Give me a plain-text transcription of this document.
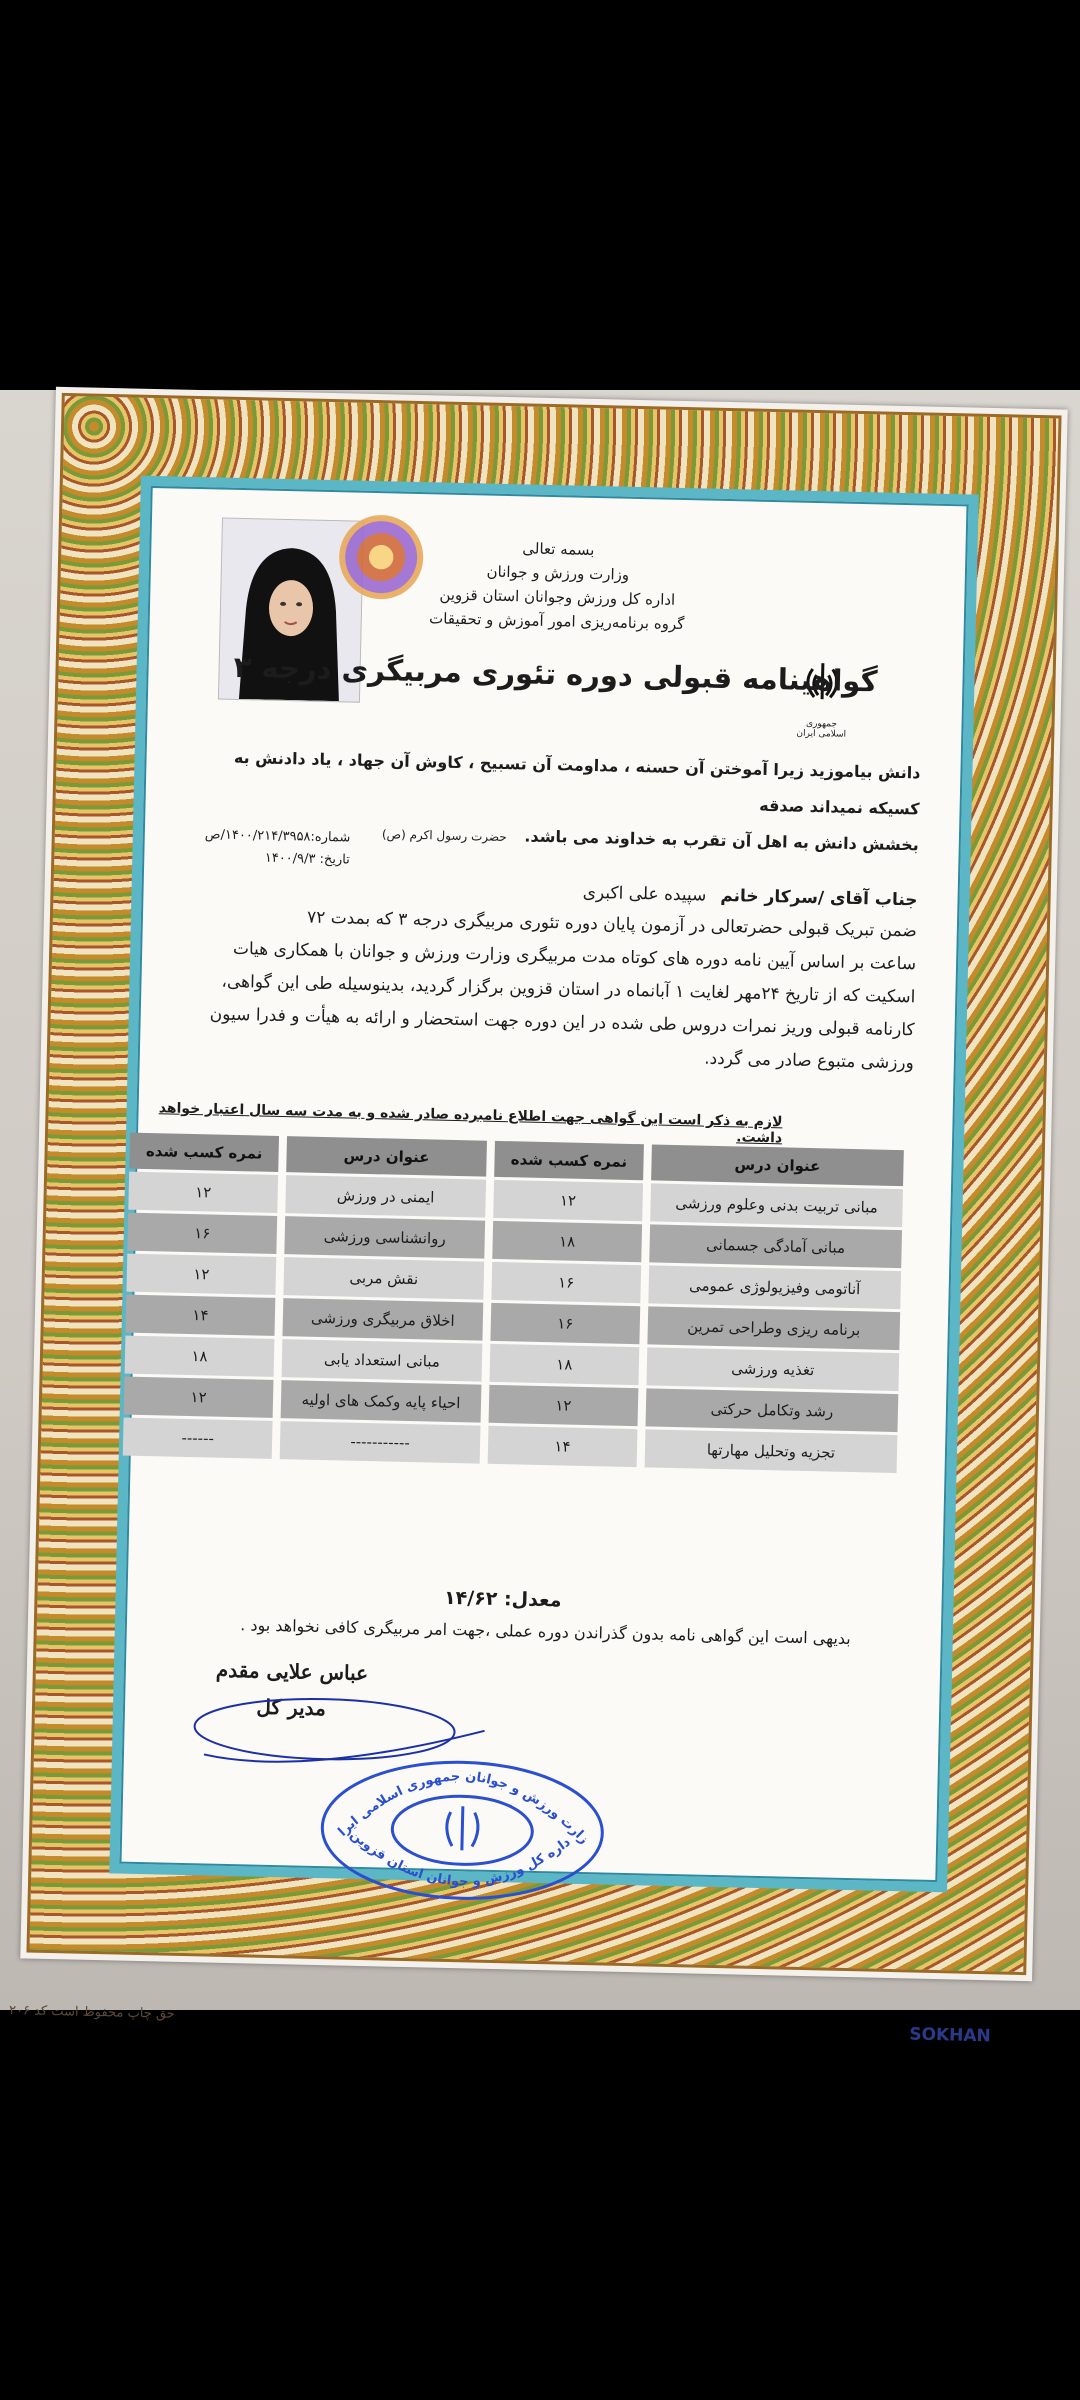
بسمه تعالی
وزارت ورزش و جوانان
اداره کل ورزش وجوانان استان قزوین
گروه برنامه‌ریزی امور آموزش و تحقیقات
جمهوری اسلامی ایران
گواهینامه قبولی دوره تئوری مربیگری درجه ۳
دانش بیاموزید زیرا آموختن آن حسنه ، مداومت آن تسبیح ، کاوش آن جهاد ، یاد دادنش به کسیکه نمیداند صدقه
بخشش دانش به اهل آن تقرب به خداوند می باشد. حضرت رسول اکرم (ص)
شماره:۱۴۰۰/۲۱۴/۳۹۵۸/ص
تاریخ: ۱۴۰۰/۹/۳
جناب آقای /سرکار خانم سپیده علی اکبری
ضمن تبریک قبولی حضرتعالی در آزمون پایان دوره تئوری مربیگری درجه ۳ که بمدت ۷۲
ساعت بر اساس آیین نامه دوره های کوتاه مدت مربیگری وزارت ورزش و جوانان با همکاری هیات
اسکیت که از تاریخ ۲۴مهر لغایت ۱ آبانماه در استان قزوین برگزار گردید، بدینوسیله طی این گواهی،
کارنامه قبولی وریز نمرات دروس طی شده در این دوره جهت استحضار و ارائه به هیأت و فدرا سیون
ورزشی متبوع صادر می گردد.
لازم به ذکر است این گواهی جهت اطلاع نامبرده صادر شده و به مدت سه سال اعتبار خواهد داشت.
عنوان درس	نمره کسب شده	عنوان درس	نمره کسب شده
مبانی تربیت بدنی وعلوم ورزشی	۱۲	ایمنی در ورزش	۱۲
مبانی آمادگی جسمانی	۱۸	روانشناسی ورزشی	۱۶
آناتومی وفیزیولوژی عمومی	۱۶	نقش مربی	۱۲
برنامه ریزی وطراحی تمرین	۱۶	اخلاق مربیگری ورزشی	۱۴
تغذیه ورزشی	۱۸	مبانی استعداد یابی	۱۸
رشد وتکامل حرکتی	۱۲	احیاء پایه وکمک های اولیه	۱۲
تجزیه وتحلیل مهارتها	۱۴	-----------	------
معدل: ۱۴/۶۲
بدیهی است این گواهی نامه بدون گذراندن دوره عملی ،جهت امر مربیگری کافی نخواهد بود .
عباس علایی مقدم
مدیر کل
وزارت ورزش و جوانان جمهوری اسلامی ایران
اداره کل ورزش و جوانان استان قزوین
حق چاپ محفوظ است کد ۲۰۶
SOKHAN
